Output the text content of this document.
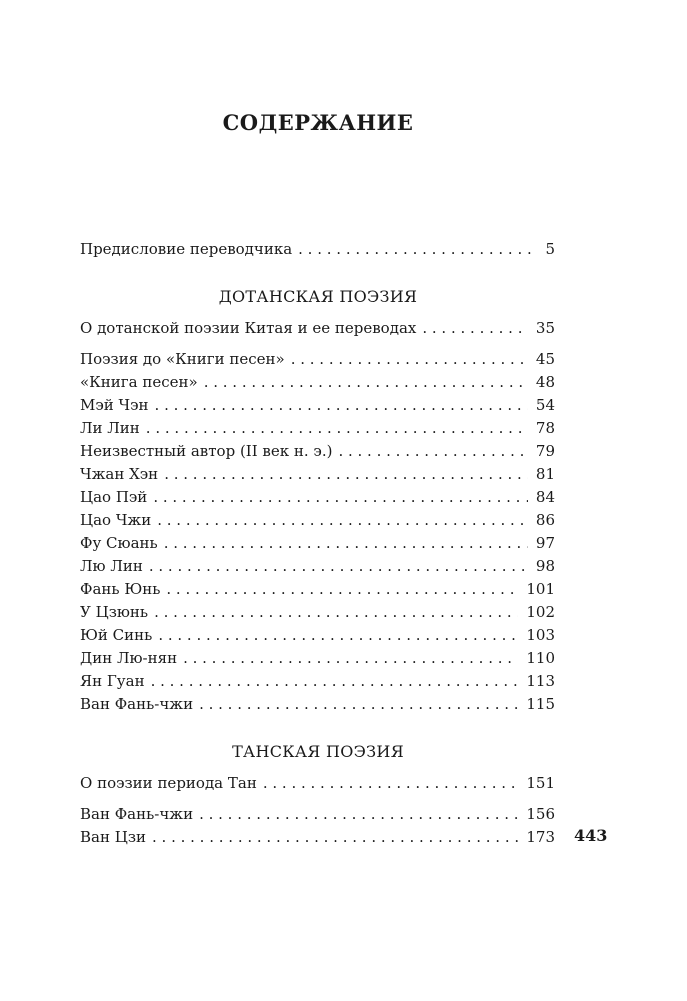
СОДЕРЖАНИЕ
Предисловие переводчика . . .	5
ДОТАНСКАЯ ПОЭЗИЯ
О дотанской поэзии Китая и ее переводах . . .	35
Поэзия до «Книги песен» . . .	45
«Книга песен» . . .	48
Мэй Чэн . . .	54
Ли Лин . . .	78
Неизвестный автор (II век н. э.) . . .	79
Чжан Хэн . . .	81
Цао Пэй . . .	84
Цао Чжи . . .	86
Фу Сюань . . .	97
Лю Лин . . .	98
Фань Юнь . . .	101
У Цзюнь . . .	102
Юй Синь . . .	103
Дин Лю-нян . . .	110
Ян Гуан . . .	113
Ван Фань-чжи . . .	115
ТАНСКАЯ ПОЭЗИЯ
О поэзии периода Тан . . .	151
Ван Фань-чжи . . .	156
Ван Цзи . . .	173 443
